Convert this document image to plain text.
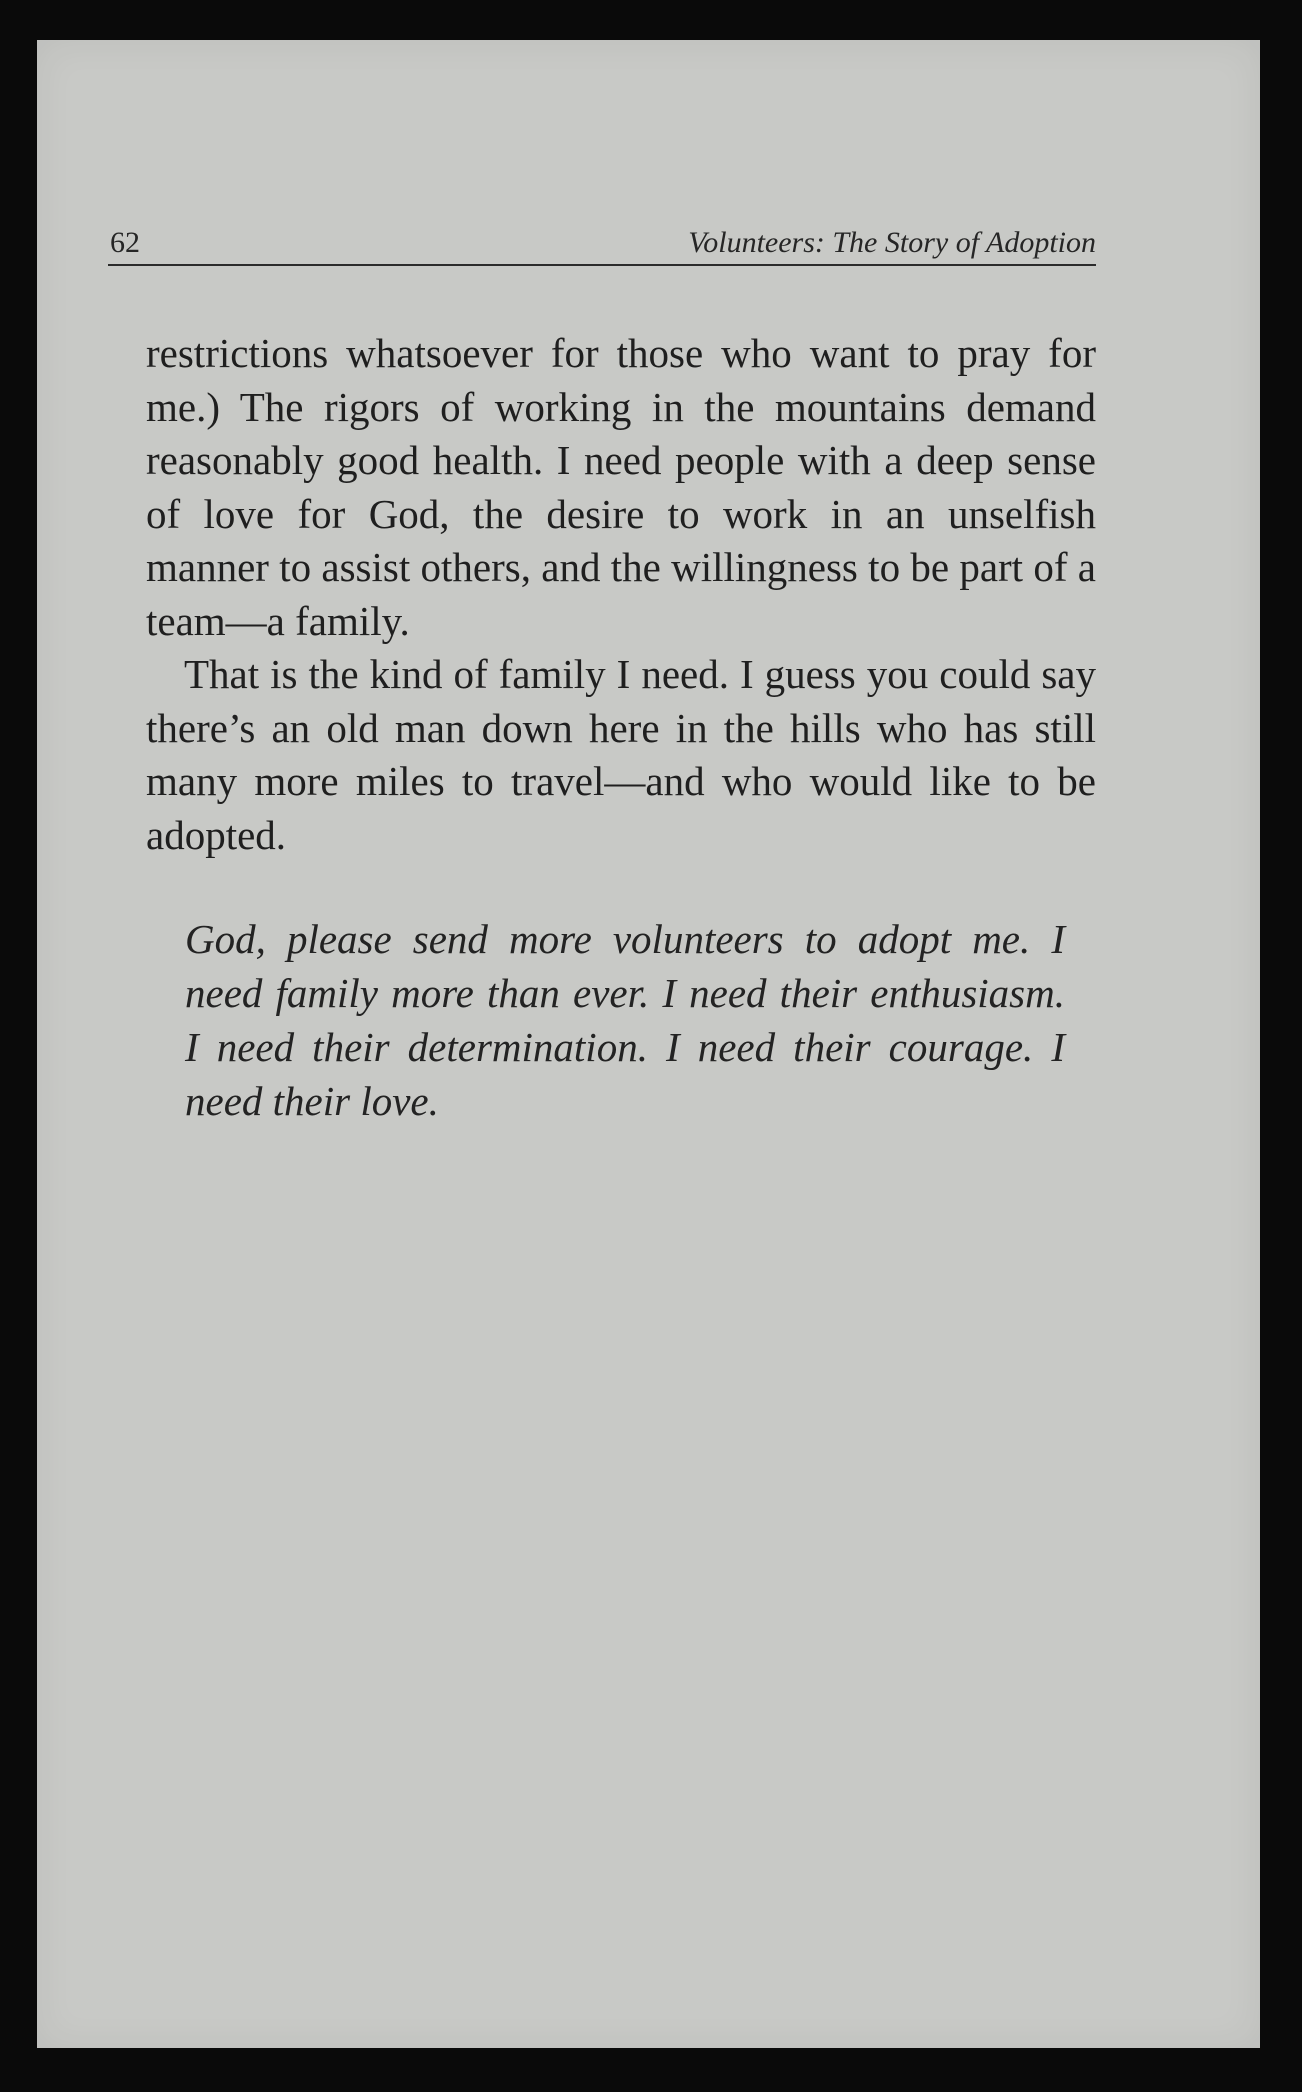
62	Volunteers: The Story of Adoption

restrictions whatsoever for those who want to pray for me.) The rigors of working in the mountains demand reasonably good health. I need people with a deep sense of love for God, the desire to work in an unselfish manner to assist others, and the willingness to be part of a team—a family.

That is the kind of family I need. I guess you could say there’s an old man down here in the hills who has still many more miles to travel—and who would like to be adopted.

God, please send more volunteers to adopt me. I need family more than ever. I need their enthusiasm. I need their determination. I need their courage. I need their love.
